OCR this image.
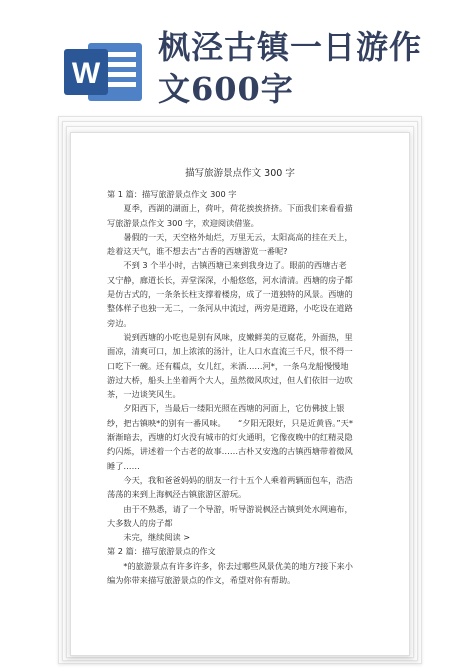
W
枫泾古镇一日游作
文600字
描写旅游景点作文 300 字

第 1 篇：描写旅游景点作文 300 字

夏季，西湖的湖面上，荷叶，荷花挨挨挤挤。下面我们来看看描写旅游景点作文 300 字，欢迎阅读借鉴。

暑假的一天，天空格外灿烂，万里无云，太阳高高的挂在天上，趁着这天气，谁不想去古“古香的西塘游览一番呢?

不到 3 个半小时，古镇西塘已来到我身边了。眼前的西塘古老又宁静，廊道长长，弄堂深深，小船悠悠，河水清清。西塘的房子都是仿古式的，一条条长柱支撑着楼房，成了一道独特的风景。西塘的整体样子也独一无二，一条河从中流过，两旁是道路，小吃设在道路旁边。

说到西塘的小吃也是别有风味，皮嫩鲜美的豆腐花，外面热，里面凉，清爽可口，加上浓浓的汤汁，让人口水直流三千尺，恨不得一口吃下一碗。还有糯点，女儿红，米酒……河*，一条乌龙船慢慢地游过大桥，船头上坐着两个大人，虽然微风吹过，但人们依旧一边吹茶，一边谈笑风生。

夕阳西下，当最后一缕阳光照在西塘的河面上，它仿佛披上银纱，把古镇映*的别有一番风味。　　“夕阳无限好，只是近黄昏。”天*渐渐暗去，西塘的灯火没有城市的灯火通明，它像夜晚中的红精灵隐约闪烁，讲述着一个古老的故事……古朴又安逸的古镇西塘带着微风睡了……

今天，我和爸爸妈妈的朋友一行十五个人乘着两辆面包车，浩浩荡荡的来到上海枫泾古镇旅游区游玩。

由于不熟悉，请了一个导游，听导游说枫泾古镇到处水网遍布，大多数人的房子都

未完，继续阅读 >

第 2 篇：描写旅游景点的作文

*的旅游景点有许多许多，你去过哪些风景优美的地方?接下来小编为你带来描写旅游景点的作文，希望对你有帮助。
